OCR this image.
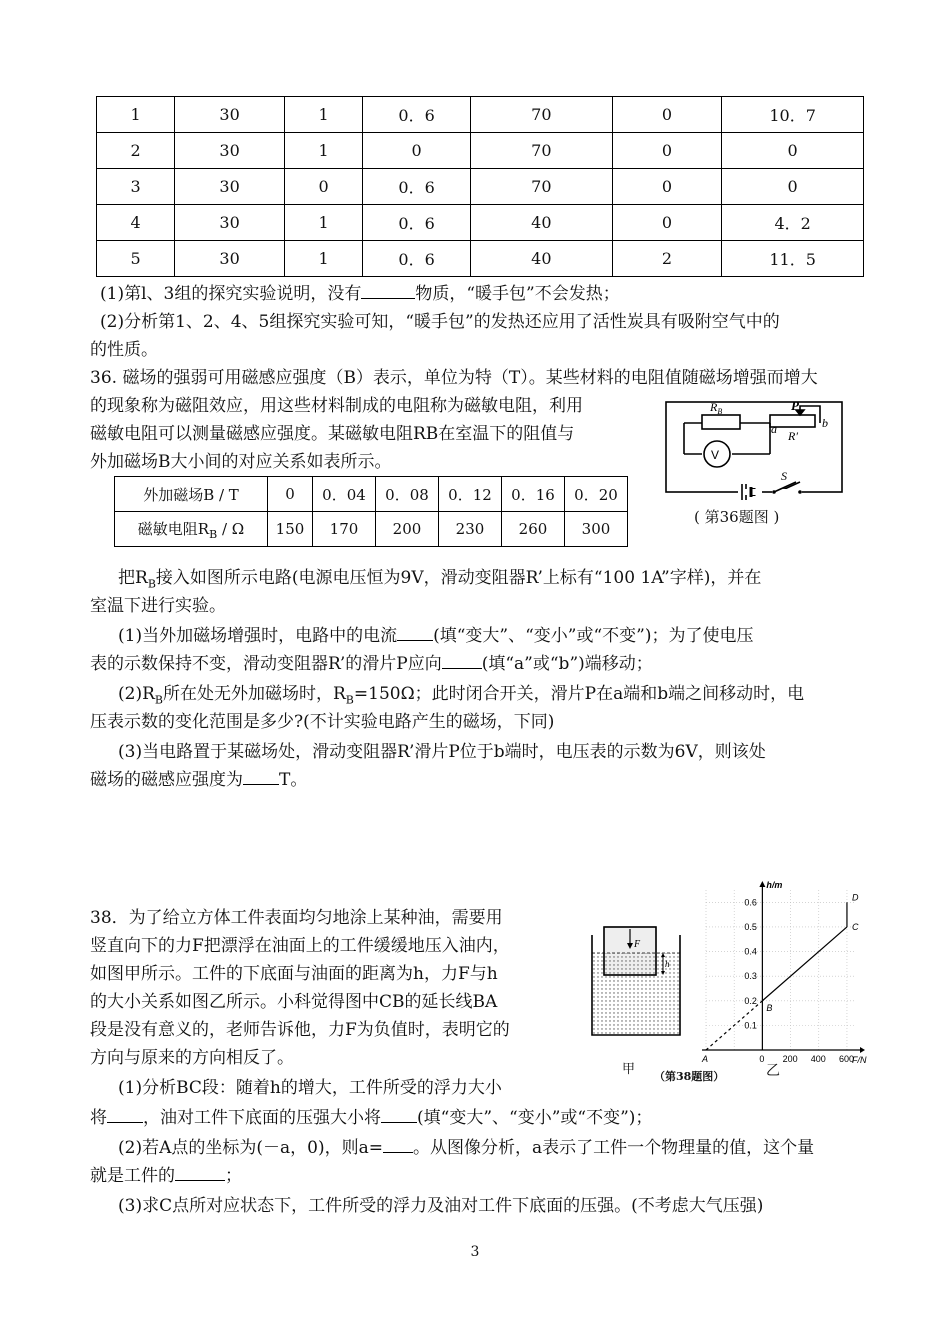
1	30	1	0．6	70	0	10．7
2	30	1	0	70	0	0
3	30	0	0．6	70	0	0
4	30	1	0．6	40	0	4．2
5	30	1	0．6	40	2	11．5
(1)第l、3组的探究实验说明，没有	物质，“暖手包”不会发热；
(2)分析第1、2、4、5组探究实验可知，“暖手包”的发热还应用了活性炭具有吸附空气中的
的性质。
36. 磁场的强弱可用磁感应强度（B）表示，单位为特（T）。某些材料的电阻值随磁场增强而增大
的现象称为磁阻效应，用这些材料制成的电阻称为磁敏电阻，利用
磁敏电阻可以测量磁感应强度。某磁敏电阻RB在室温下的阻值与
外加磁场B大小间的对应关系如表所示。
外加磁场B / T	0	0．04	0．08	0．12	0．16	0．20
磁敏电阻$R_B$ / Ω	150	170	200	230	260	300
$R_B$	P
a	b
R′
V
S
( 第36题图 )
把$R_B$接入如图所示电路(电源电压恒为9V，滑动变阻器R’上标有“100 1A”字样)，并在
室温下进行实验。
(1)当外加磁场增强时，电路中的电流 (填“变大”、“变小”或“不变”)；为了使电压
表的示数保持不变，滑动变阻器R’的滑片P应向 (填“a”或“b”)端移动；
$(2)R_B$所在处无外加磁场时，$R_B=150\Omega$；此时闭合开关，滑片P在a端和b端之间移动时，电
压表示数的变化范围是多少?(不计实验电路产生的磁场，下同)
(3)当电路置于某磁场处，滑动变阻器R’滑片P位于b端时，电压表的示数为6V，则该处
磁场的磁感应强度为 T。
38．为了给立方体工件表面均匀地涂上某种油，需要用
竖直向下的力F把漂浮在油面上的工件缓缓地压入油内，
如图甲所示。工件的下底面与油面的距离为h，力F与h
的大小关系如图乙所示。小科觉得图中CB的延长线BA
段是没有意义的，老师告诉他，力F为负值时，表明它的
方向与原来的方向相反了。
(1)分析BC段：随着h的增大，工件所受的浮力大小
将 ，油对工件下底面的压强大小将 (填“变大”、“变小”或“不变”)；
(2)若A点的坐标为(－a，0)，则a= 。从图像分析，a表示了工件一个物理量的值，这个量
就是工件的	；
(3)求C点所对应状态下，工件所受的浮力及油对工件下底面的压强。(不考虑大气压强)
F
h
0.1
0.2
0.3
0.4
0.5
0.6
0 200 400 600
h/m
F/N
A
B
C
D
甲 （第38题图）	乙
3
